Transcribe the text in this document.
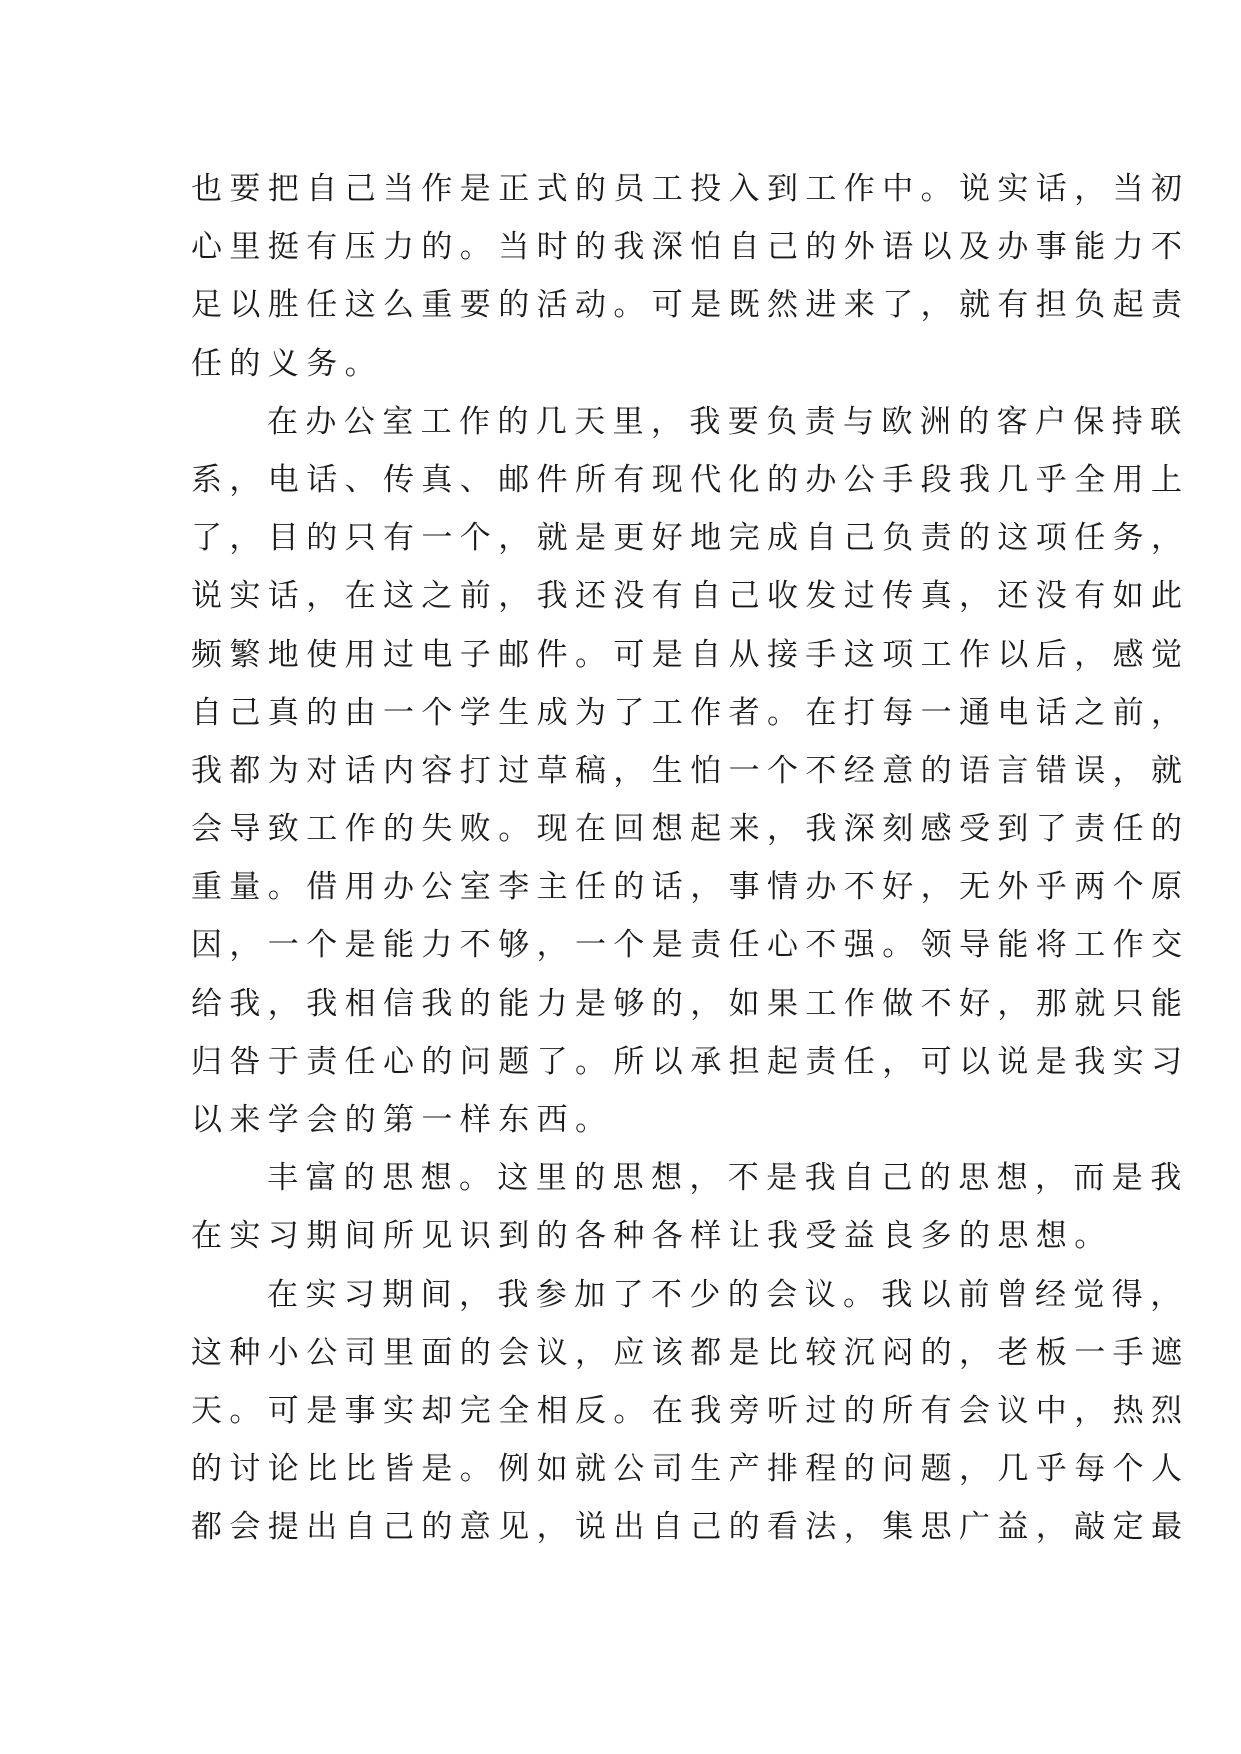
也要把自己当作是正式的员工投入到工作中。说实话，当初
心里挺有压力的。当时的我深怕自己的外语以及办事能力不
足以胜任这么重要的活动。可是既然进来了，就有担负起责
任的义务。
在办公室工作的几天里，我要负责与欧洲的客户保持联
系，电话、传真、邮件所有现代化的办公手段我几乎全用上
了，目的只有一个，就是更好地完成自己负责的这项任务，
说实话，在这之前，我还没有自己收发过传真，还没有如此
频繁地使用过电子邮件。可是自从接手这项工作以后，感觉
自己真的由一个学生成为了工作者。在打每一通电话之前，
我都为对话内容打过草稿，生怕一个不经意的语言错误，就
会导致工作的失败。现在回想起来，我深刻感受到了责任的
重量。借用办公室李主任的话，事情办不好，无外乎两个原
因，一个是能力不够，一个是责任心不强。领导能将工作交
给我，我相信我的能力是够的，如果工作做不好，那就只能
归咎于责任心的问题了。所以承担起责任，可以说是我实习
以来学会的第一样东西。
丰富的思想。这里的思想，不是我自己的思想，而是我
在实习期间所见识到的各种各样让我受益良多的思想。
在实习期间，我参加了不少的会议。我以前曾经觉得，
这种小公司里面的会议，应该都是比较沉闷的，老板一手遮
天。可是事实却完全相反。在我旁听过的所有会议中，热烈
的讨论比比皆是。例如就公司生产排程的问题，几乎每个人
都会提出自己的意见，说出自己的看法，集思广益，敲定最
